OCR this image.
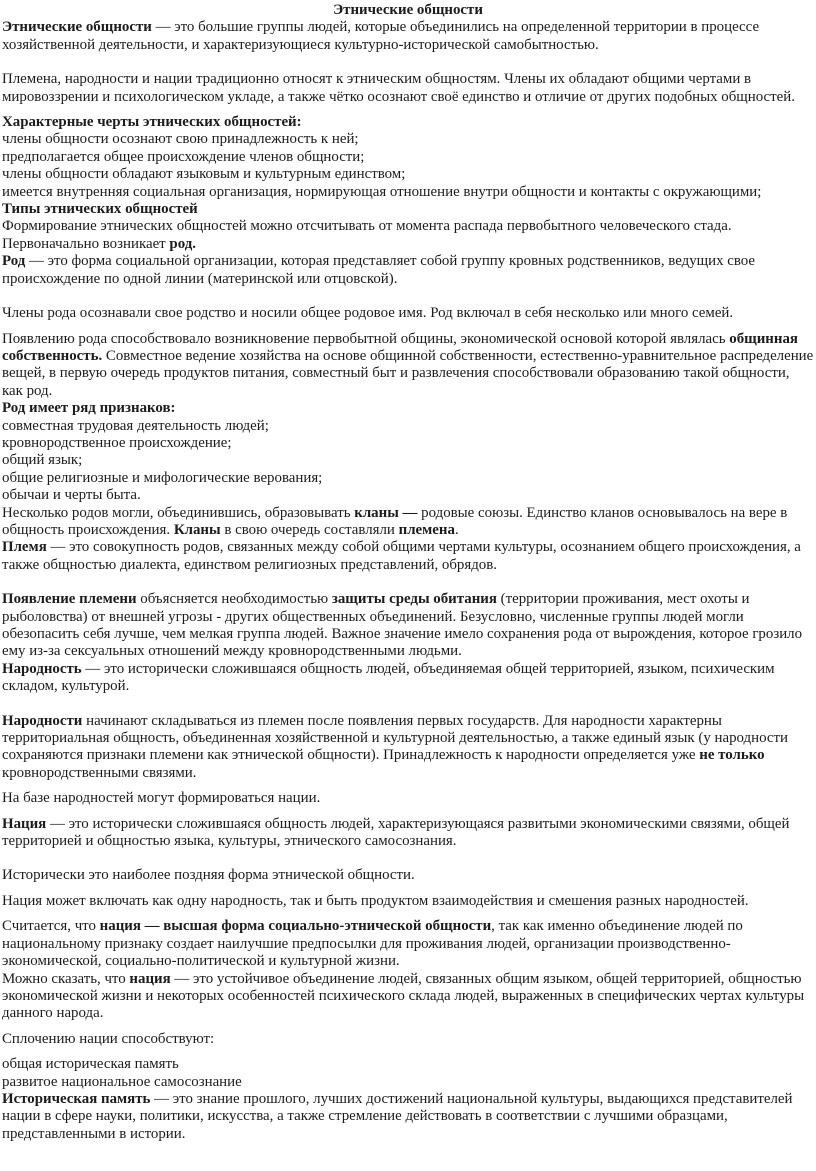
Этнические общности

Этнические общности — это большие группы людей, которые объединились на определенной территории в процессе хозяйственной деятельности, и характеризующиеся культурно-исторической самобытностью.

Племена, народности и нации традиционно относят к этническим общностям. Члены их обладают общими чертами в мировоззрении и психологическом укладе, а также чётко осознают своё единство и отличие от других подобных общностей.

Характерные черты этнических общностей:

члены общности осознают свою принадлежность к ней;

предполагается общее происхождение членов общности;

члены общности обладают языковым и культурным единством;

имеется внутренняя социальная организация, нормирующая отношение внутри общности и контакты с окружающими;

Типы этнических общностей

Формирование этнических общностей можно отсчитывать от момента распада первобытного человеческого стада.

Первоначально возникает род.

Род — это форма социальной организации, которая представляет собой группу кровных родственников, ведущих свое происхождение по одной линии (материнской или отцовской).

Члены рода осознавали свое родство и носили общее родовое имя. Род включал в себя несколько или много семей.

Появлению рода способствовало возникновение первобытной общины, экономической основой которой являлась общинная собственность. Совместное ведение хозяйства на основе общинной собственности, естественно-уравнительное распределение вещей, в первую очередь продуктов питания, совместный быт и развлечения способствовали образованию такой общности, как род.

Род имеет ряд признаков:

совместная трудовая деятельность людей;

кровнородственное происхождение;

общий язык;

общие религиозные и мифологические верования;

обычаи и черты быта.

Несколько родов могли, объединившись, образовывать кланы — родовые союзы. Единство кланов основывалось на вере в общность происхождения. Кланы в свою очередь составляли племена.

Племя — это совокупность родов, связанных между собой общими чертами культуры, осознанием общего происхождения, а также общностью диалекта, единством религиозных представлений, обрядов.

Появление племени объясняется необходимостью защиты среды обитания (территории проживания, мест охоты и рыболовства) от внешней угрозы - других общественных объединений. Безусловно, численные группы людей могли обезопасить себя лучше, чем мелкая группа людей. Важное значение имело сохранения рода от вырождения, которое грозило ему из-за сексуальных отношений между кровнородственными людьми.

Народность — это исторически сложившаяся общность людей, объединяемая общей территорией, языком, психическим складом, культурой.

Народности начинают складываться из племен после появления первых государств. Для народности характерны территориальная общность, объединенная хозяйственной и культурной деятельностью, а также единый язык (у народности сохраняются признаки племени как этнической общности). Принадлежность к народности определяется уже не только кровнородственными связями.

На базе народностей могут формироваться нации.

Нация — это исторически сложившаяся общность людей, характеризующаяся развитыми экономическими связями, общей территорией и общностью языка, культуры, этнического самосознания.

Исторически это наиболее поздняя форма этнической общности.

Нация может включать как одну народность, так и быть продуктом взаимодействия и смешения разных народностей.

Считается, что нация — высшая форма социально-этнической общности, так как именно объединение людей по национальному признаку создает наилучшие предпосылки для проживания людей, организации производственно-экономической, социально-политической и культурной жизни.

Можно сказать, что нация — это устойчивое объединение людей, связанных общим языком, общей территорией, общностью экономической жизни и некоторых особенностей психического склада людей, выраженных в специфических чертах культуры данного народа.

Сплочению нации способствуют:

общая историческая память

развитое национальное самосознание

Историческая память — это знание прошлого, лучших достижений национальной культуры, выдающихся представителей нации в сфере науки, политики, искусства, а также стремление действовать в соответствии с лучшими образцами, представленными в истории.
